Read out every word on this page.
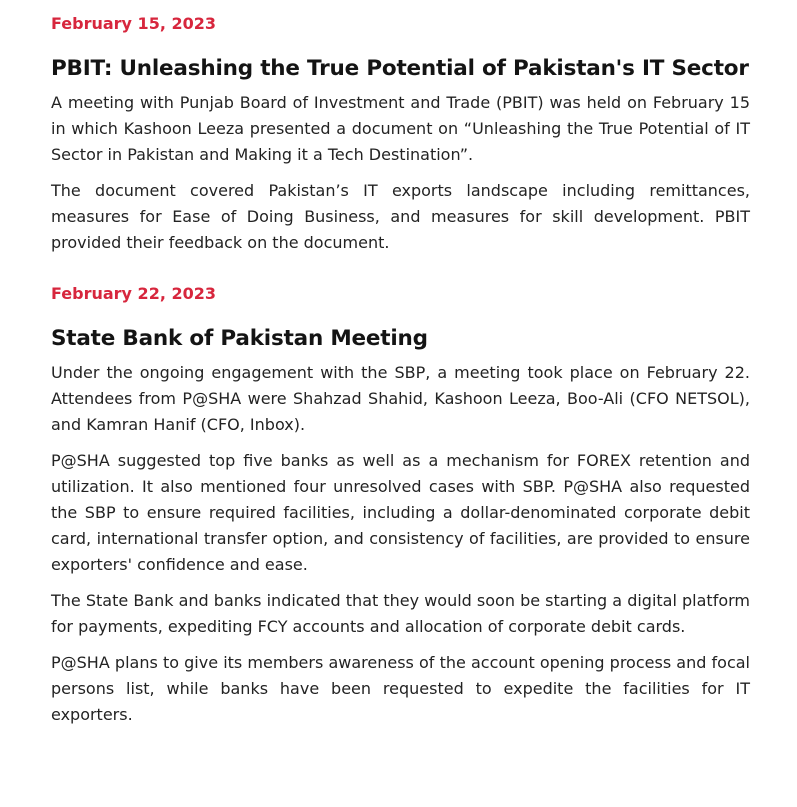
February 15, 2023
PBIT: Unleashing the True Potential of Pakistan's IT Sector

A meeting with Punjab Board of Investment and Trade (PBIT) was held on February 15 in which Kashoon Leeza presented a document on “Unleashing the True Potential of IT Sector in Pakistan and Making it a Tech Destination”.

The document covered Pakistan’s IT exports landscape including remittances, measures for Ease of Doing Business, and measures for skill development. PBIT provided their feedback on the document.

February 22, 2023
State Bank of Pakistan Meeting

Under the ongoing engagement with the SBP, a meeting took place on February 22. Attendees from P@SHA were Shahzad Shahid, Kashoon Leeza, Boo-Ali (CFO NETSOL), and Kamran Hanif (CFO, Inbox).

P@SHA suggested top five banks as well as a mechanism for FOREX retention and utilization. It also mentioned four unresolved cases with SBP. P@SHA also requested the SBP to ensure required facilities, including a dollar-denominated corporate debit card, international transfer option, and consistency of facilities, are provided to ensure exporters' confidence and ease.

The State Bank and banks indicated that they would soon be starting a digital platform for payments, expediting FCY accounts and allocation of corporate debit cards.

P@SHA plans to give its members awareness of the account opening process and focal persons list, while banks have been requested to expedite the facilities for IT exporters.
